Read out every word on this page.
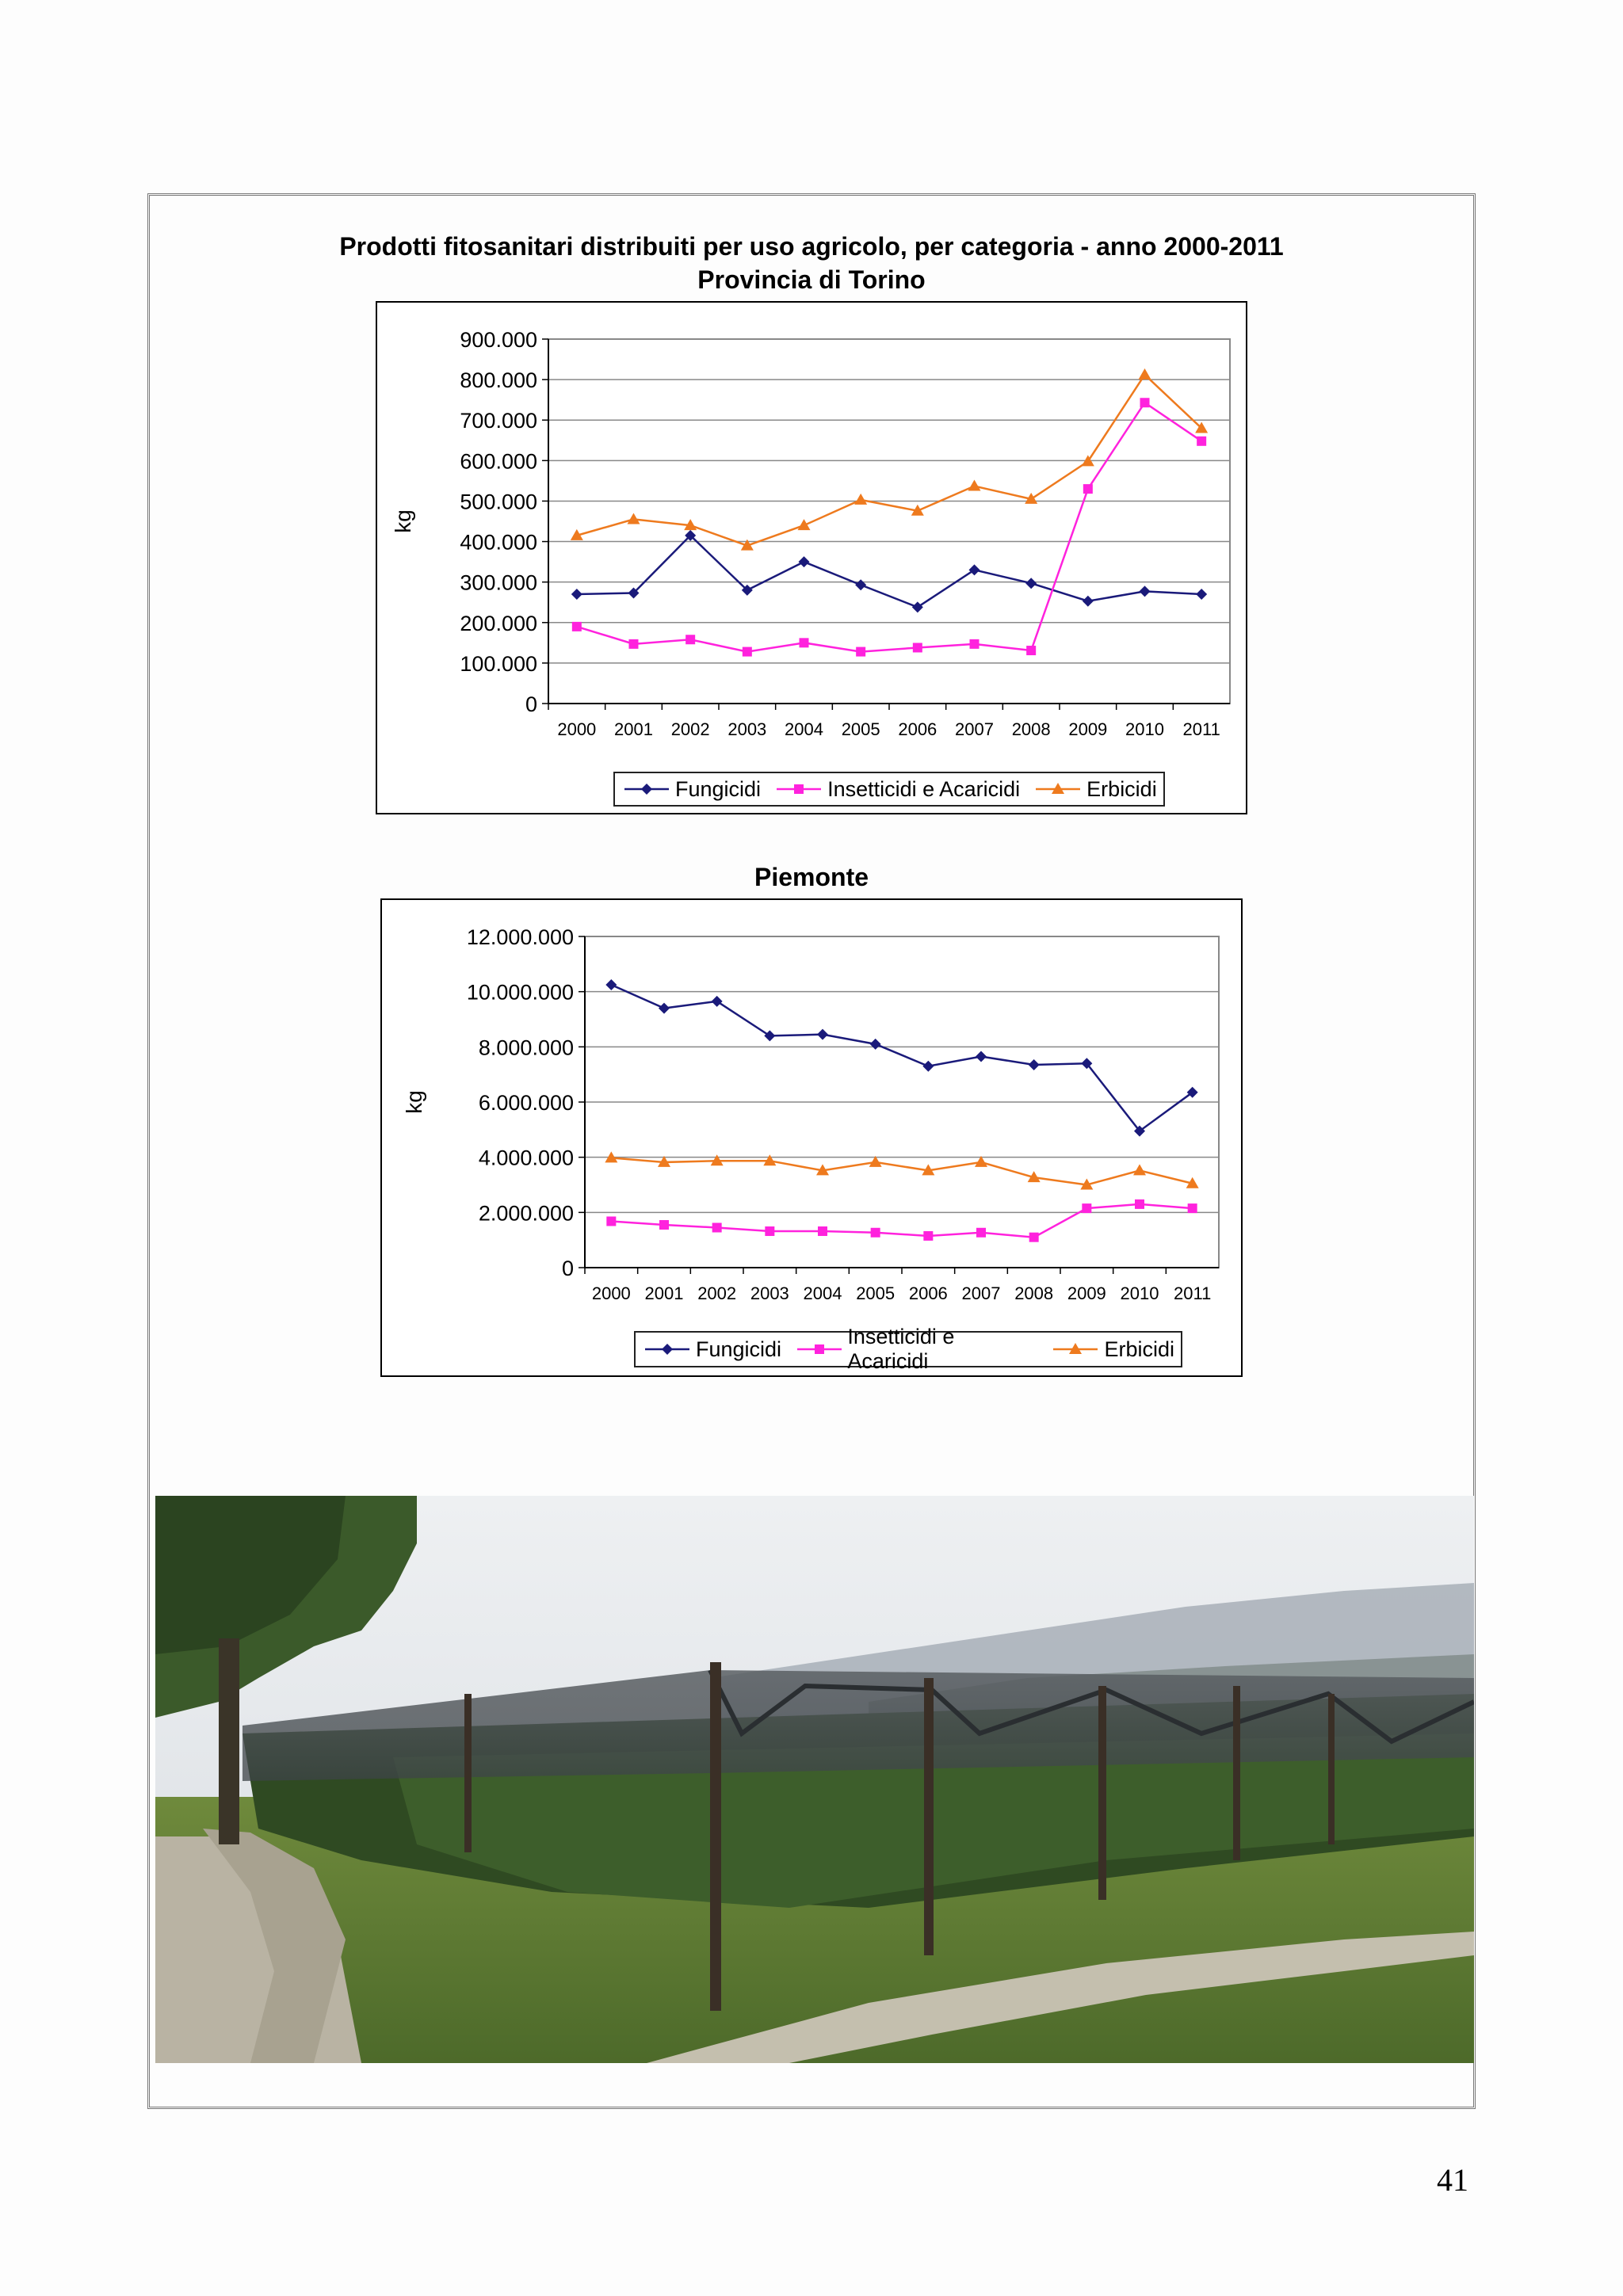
Prodotti fitosanitari distribuiti per uso agricolo, per categoria - anno 2000-2011
Provincia di Torino
0
100.000
200.000
300.000
400.000
500.000
600.000
700.000
800.000
900.000
2000 2001 2002 2003 2004 2005 2006 2007 2008 2009 2010 2011
kg
Fungicidi	Insetticidi e Acaricidi	Erbicidi
Piemonte
0
2.000.000
4.000.000
6.000.000
8.000.000
10.000.000
12.000.000
2000 2001 2002 2003 2004 2005 2006 2007 2008 2009 2010 2011
kg
Fungicidi
Insetticidi e Acaricidi
Erbicidi
41
